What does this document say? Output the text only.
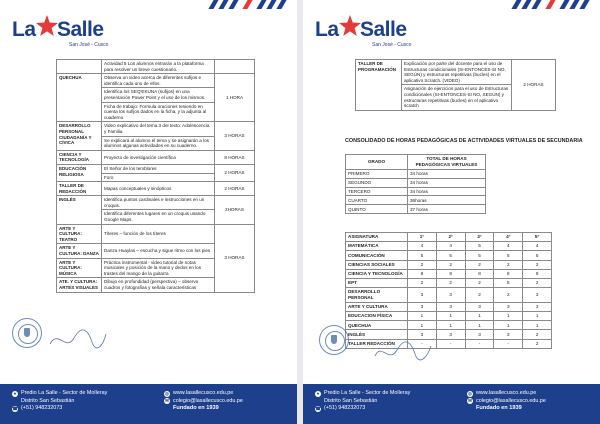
La Salle
San José - Cusco
	Actividad 5 Los alumnos entrarán a la plataforma para resolver un breve cuestionario.	
QUECHUA	Observa un video acerca de diferentes sufijos e identifica cada uno de ellos.	1 HORA
	Identifica los SEQ'EKUNA (sufijos) en una presentación Power Point y el uso de los mismos.	
	Ficha de trabajo: Formula oraciones teniendo en cuenta los sufijos dados en la ficha, y la adjunta al cuaderno.	
DESARROLLO PERSONAL CIUDADANÍA Y CÍVICA	Video explicativo del tema 3 del texto: Adolescencia y Familia	3 HORAS
	Se explicará al alumno el tema y se asignarán a los alumnos algunas actividades en su cuaderno.	
CIENCIA Y TECNOLOGÍA	Proyecto de investigación científica	8 HORAS
EDUCACIÓN RELIGIOSA	El Señor de los temblores	2 HORAS
	Foro	
TALLER DE REDACCIÓN	Mapas conceptuales y sinópticos	2 HORAS
INGLÉS	Identifica puntos cardinales e instrucciones en un croquis.	2HORAS
	Identifica diferentes lugares en un croquis usando Google Maps.	
ARTE Y CULTURA: TEATRO	Títeres – función de los títeres	3 HORAS
ARTE Y CULTURA: DANZA	Danza Huaylas – escucha y sigue ritmo con los pies	
ARTE Y CULTURA: MÚSICA	Práctica instrumental - video tutorial de notas musicales y posición de la mano y dedos en los trastes del mango de la guitarra	
ATE. Y CULTURA: ARTES VISUALES	Dibujo en profundidad (perspectiva) – observa cuadros y fotografías y señala características	
● Predio La Salle - Sector de Molleray
Distrito San Sebastián
☎ (+51) 948232073
◎ www.lasallecusco.edu.pe
✉ colegio@lasallecusco.edu.pe
Fundado en 1939
La Salle
San José - Cusco
TALLER DE PROGRAMACIÓN	Explicación por parte del docente para el uso de Estructuras condicionales (SI-ENTONCES-SI NO, SEGÚN) y estructuras repetitivas (bucles) en el aplicativo Scratch. (VIDEO)	2 HORAS
Asignación de ejercicios para el uso de Estructuras condicionales (SI-ENTONCES-SI NO, SEGÚN) y estructuras repetitivas (bucles) en el aplicativo scratch
CONSOLIDADO DE HORAS PEDAGÓGICAS DE ACTIVIDADES VIRTUALES DE SECUNDARIA
GRADO	TOTAL DE HORAS PEDAGÓGICAS VIRTUALES
PRIMERO	34 horas
SEGUNDO	34 horas
TERCERO	34 horas
CUARTO	36horas
QUINTO	37 horas
ASIGNATURA	1°	2°	3°	4°	5°
MATEMÁTICA	4	4	5	4	4
COMUNICACIÓN	5	5	5	5	5
CIENCIAS SOCIALES	2	2	2	2	2
CIENCIA Y TECNOLOGÍA	8	8	8	8	8
EPT	2	2	2	5	2
DESARROLLO PERSONAL	3	3	2	2	3
ARTE Y CULTURA	3	3	3	3	3
EDUCACION FÍSICA	1	1	1	1	1
QUECHUA	1	1	1	1	1
INGLÉS	3	3	3	3	2
TALLER REDACCIÓN	-	-	-	-	2
● Predio La Salle - Sector de Molleray
Distrito San Sebastián
☎ (+51) 948232073
◎ www.lasallecusco.edu.pe
✉ colegio@lasallecusco.edu.pe
Fundado en 1939
